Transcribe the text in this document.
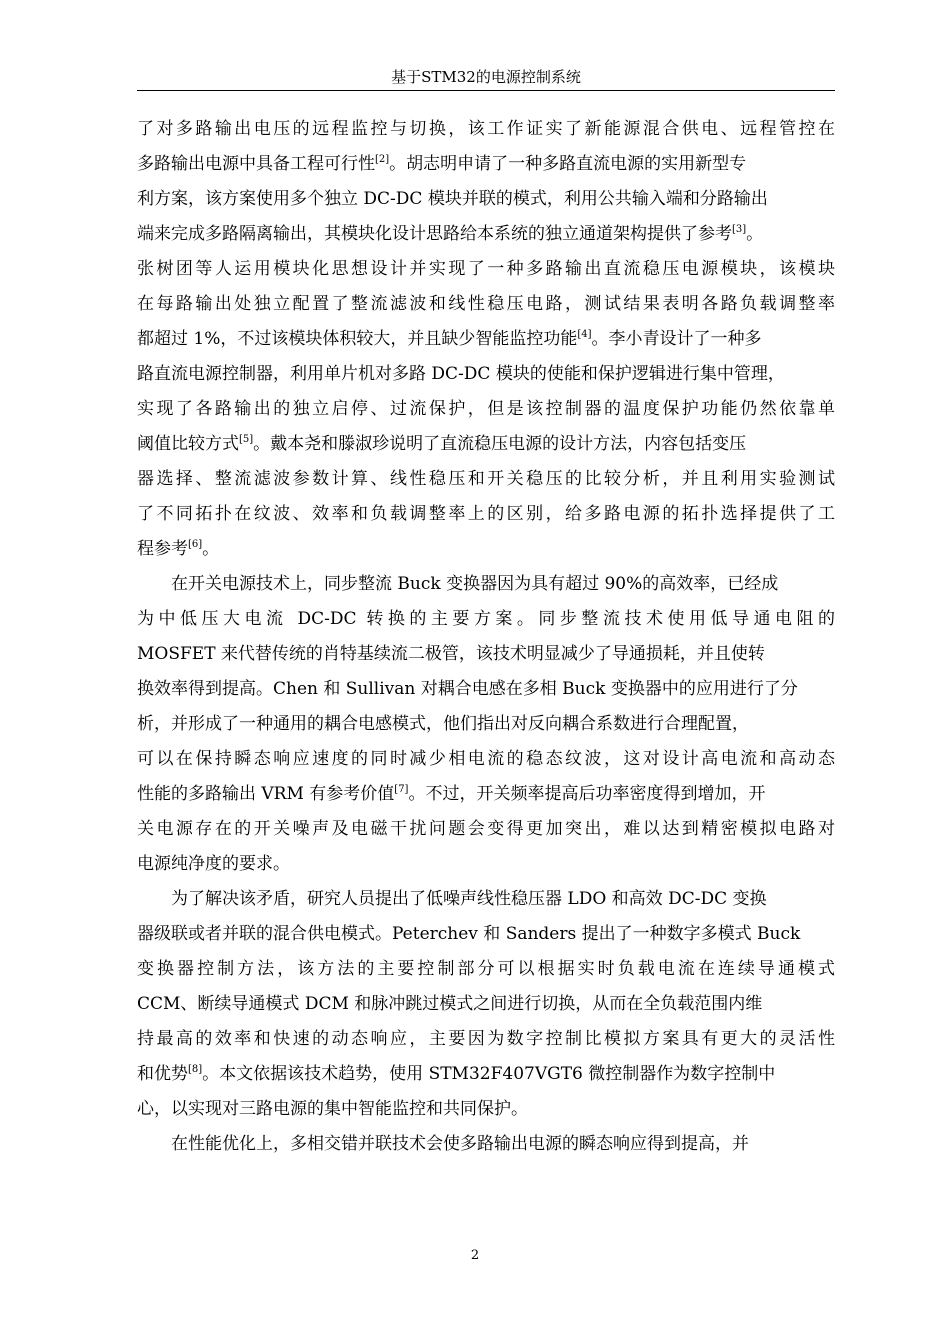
基于STM32的电源控制系统
了对多路输出电压的远程监控与切换，该工作证实了新能源混合供电、远程管控在
多路输出电源中具备工程可行性[2]。胡志明申请了一种多路直流电源的实用新型专
利方案，该方案使用多个独立 DC-DC 模块并联的模式，利用公共输入端和分路输出
端来完成多路隔离输出，其模块化设计思路给本系统的独立通道架构提供了参考[3]。
张树团等人运用模块化思想设计并实现了一种多路输出直流稳压电源模块，该模块
在每路输出处独立配置了整流滤波和线性稳压电路，测试结果表明各路负载调整率
都超过 1%，不过该模块体积较大，并且缺少智能监控功能[4]。李小青设计了一种多
路直流电源控制器，利用单片机对多路 DC-DC 模块的使能和保护逻辑进行集中管理，
实现了各路输出的独立启停、过流保护，但是该控制器的温度保护功能仍然依靠单
阈值比较方式[5]。戴本尧和滕淑珍说明了直流稳压电源的设计方法，内容包括变压
器选择、整流滤波参数计算、线性稳压和开关稳压的比较分析，并且利用实验测试
了不同拓扑在纹波、效率和负载调整率上的区别，给多路电源的拓扑选择提供了工
程参考[6]。
在开关电源技术上，同步整流 Buck 变换器因为具有超过 90%的高效率，已经成
为中低压大电流 DC-DC 转换的主要方案。同步整流技术使用低导通电阻的
MOSFET 来代替传统的肖特基续流二极管，该技术明显减少了导通损耗，并且使转
换效率得到提高。Chen 和 Sullivan 对耦合电感在多相 Buck 变换器中的应用进行了分
析，并形成了一种通用的耦合电感模式，他们指出对反向耦合系数进行合理配置，
可以在保持瞬态响应速度的同时减少相电流的稳态纹波，这对设计高电流和高动态
性能的多路输出 VRM 有参考价值[7]。不过，开关频率提高后功率密度得到增加，开
关电源存在的开关噪声及电磁干扰问题会变得更加突出，难以达到精密模拟电路对
电源纯净度的要求。
为了解决该矛盾，研究人员提出了低噪声线性稳压器 LDO 和高效 DC-DC 变换
器级联或者并联的混合供电模式。Peterchev 和 Sanders 提出了一种数字多模式 Buck
变换器控制方法，该方法的主要控制部分可以根据实时负载电流在连续导通模式
CCM、断续导通模式 DCM 和脉冲跳过模式之间进行切换，从而在全负载范围内维
持最高的效率和快速的动态响应，主要因为数字控制比模拟方案具有更大的灵活性
和优势[8]。本文依据该技术趋势，使用 STM32F407VGT6 微控制器作为数字控制中
心，以实现对三路电源的集中智能监控和共同保护。
在性能优化上，多相交错并联技术会使多路输出电源的瞬态响应得到提高，并
2
